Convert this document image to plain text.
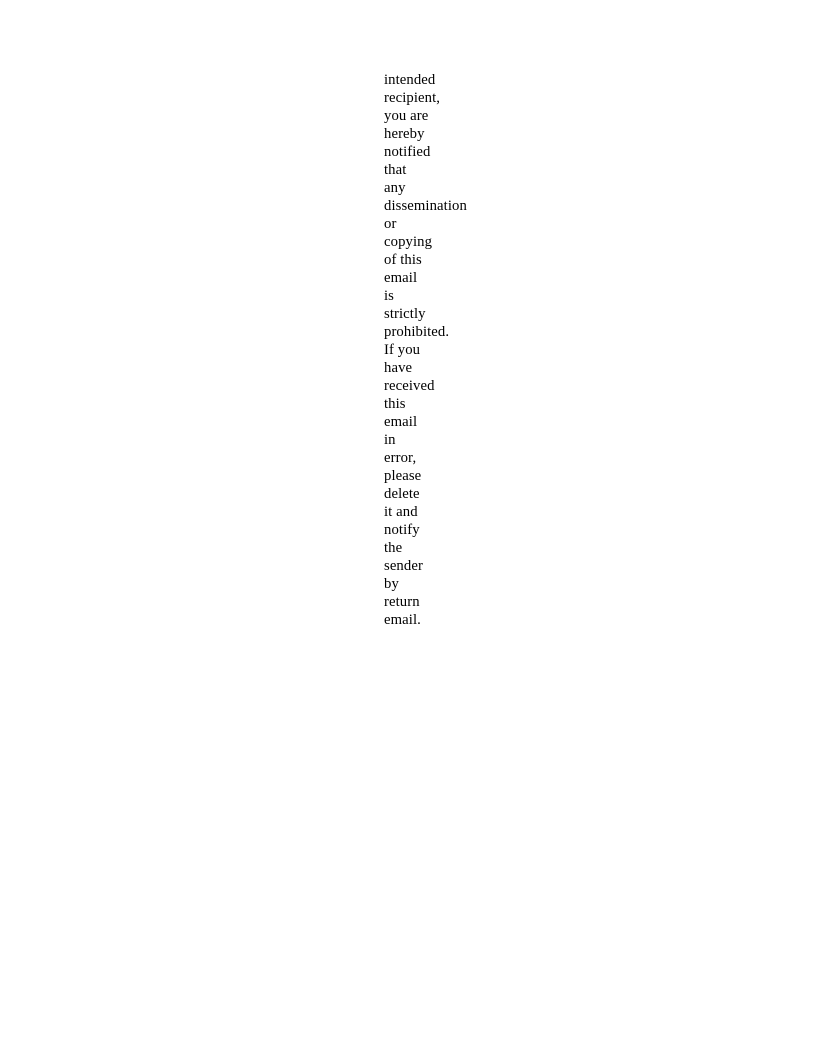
intended
recipient,
you are
hereby
notified
that
any
dissemination
or
copying
of this
email
is
strictly
prohibited.
If you
have
received
this
email
in
error,
please
delete
it and
notify
the
sender
by
return
email.
